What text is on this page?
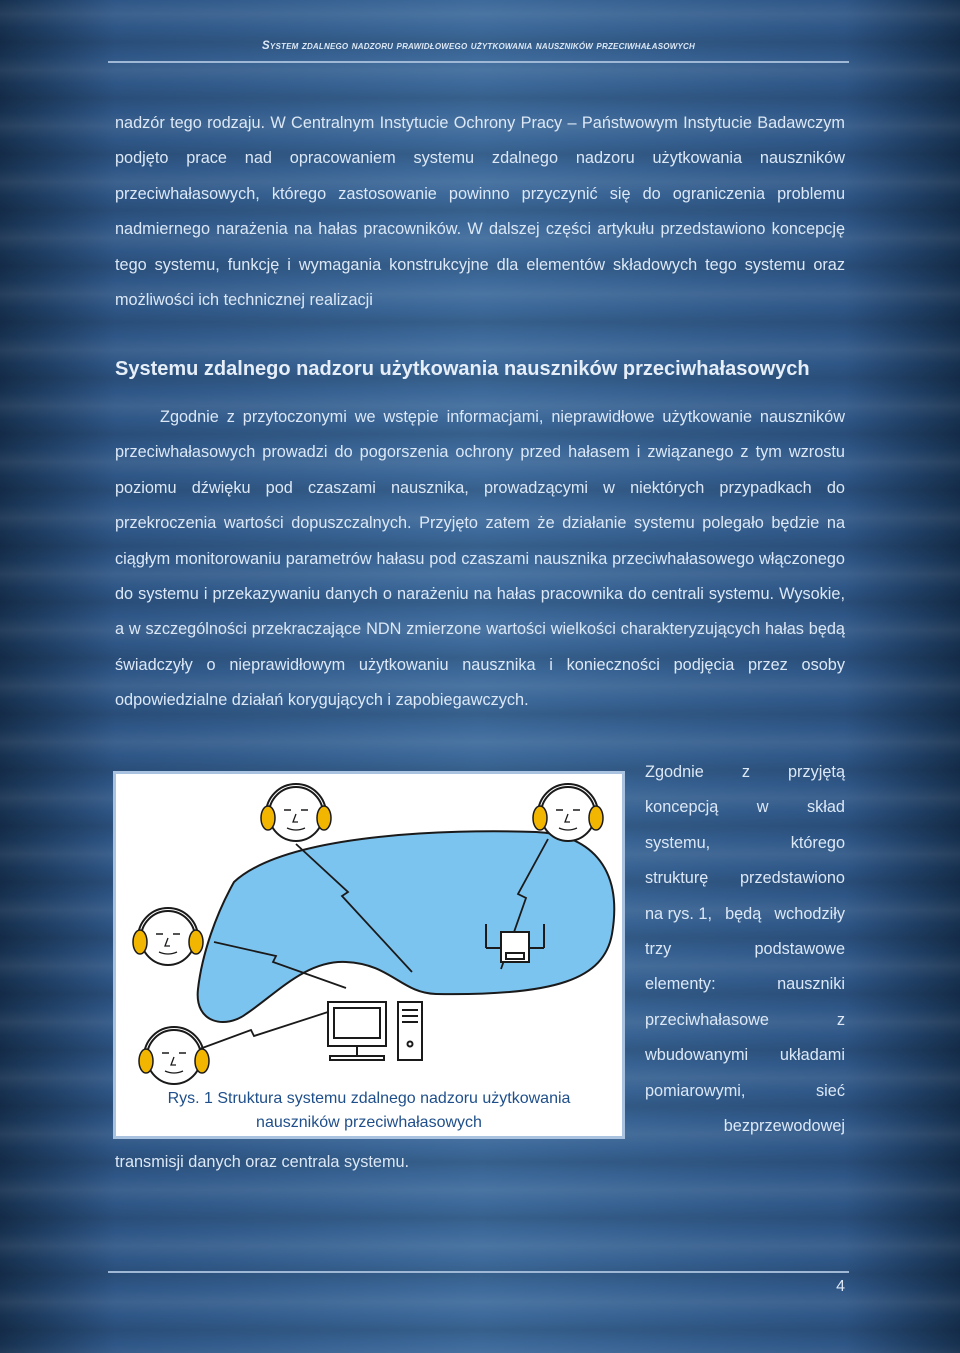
System zdalnego nadzoru prawidłowego użytkowania nauszników przeciwhałasowych
nadzór tego rodzaju. W Centralnym Instytucie Ochrony Pracy – Państwowym Instytucie Badawczym podjęto prace nad opracowaniem systemu zdalnego nadzoru użytkowania nauszników przeciwhałasowych, którego zastosowanie powinno przyczynić się do ograniczenia problemu nadmiernego narażenia na hałas pracowników. W dalszej części artykułu przedstawiono koncepcję tego systemu, funkcję i wymagania konstrukcyjne dla elementów składowych tego systemu oraz możliwości ich technicznej realizacji
Systemu zdalnego nadzoru użytkowania nauszników przeciwhałasowych
Zgodnie z przytoczonymi we wstępie informacjami, nieprawidłowe użytkowanie nauszników przeciwhałasowych prowadzi do pogorszenia ochrony przed hałasem i związanego z tym wzrostu poziomu dźwięku pod czaszami nausznika, prowadzącymi w niektórych przypadkach do przekroczenia wartości dopuszczalnych. Przyjęto zatem że działanie systemu polegało będzie na ciągłym monitorowaniu parametrów hałasu pod czaszami nausznika przeciwhałasowego włączonego do systemu i przekazywaniu danych o narażeniu na hałas pracownika do centrali systemu. Wysokie, a w szczególności przekraczające NDN zmierzone wartości wielkości charakteryzujących hałas będą świadczyły o nieprawidłowym użytkowaniu nausznika i konieczności podjęcia przez osoby odpowiedzialne działań korygujących i zapobiegawczych.
Rys. 1 Struktura systemu zdalnego nadzoru użytkowania
nauszników przeciwhałasowych
Zgodnie z przyjętą
koncepcją w skład
systemu,	którego
strukturę przedstawiono
na rys. 1, będą wchodziły
trzy	podstawowe
elementy:	nauszniki
przeciwhałasowe	z
wbudowanymi układami
pomiarowymi,	sieć
bezprzewodowej
transmisji danych oraz centrala systemu.
4
